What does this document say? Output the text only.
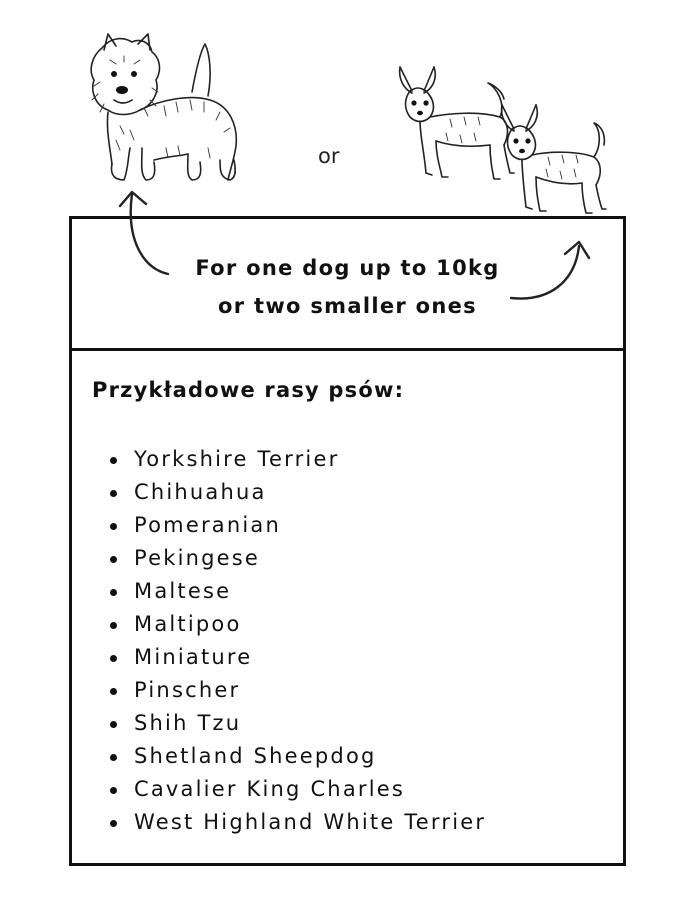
or
For one dog up to 10kg
or two smaller ones
Przykładowe rasy psów:
Yorkshire Terrier
Chihuahua
Pomeranian
Pekingese
Maltese
Maltipoo
Miniature
Pinscher
Shih Tzu
Shetland Sheepdog
Cavalier King Charles
West Highland White Terrier
